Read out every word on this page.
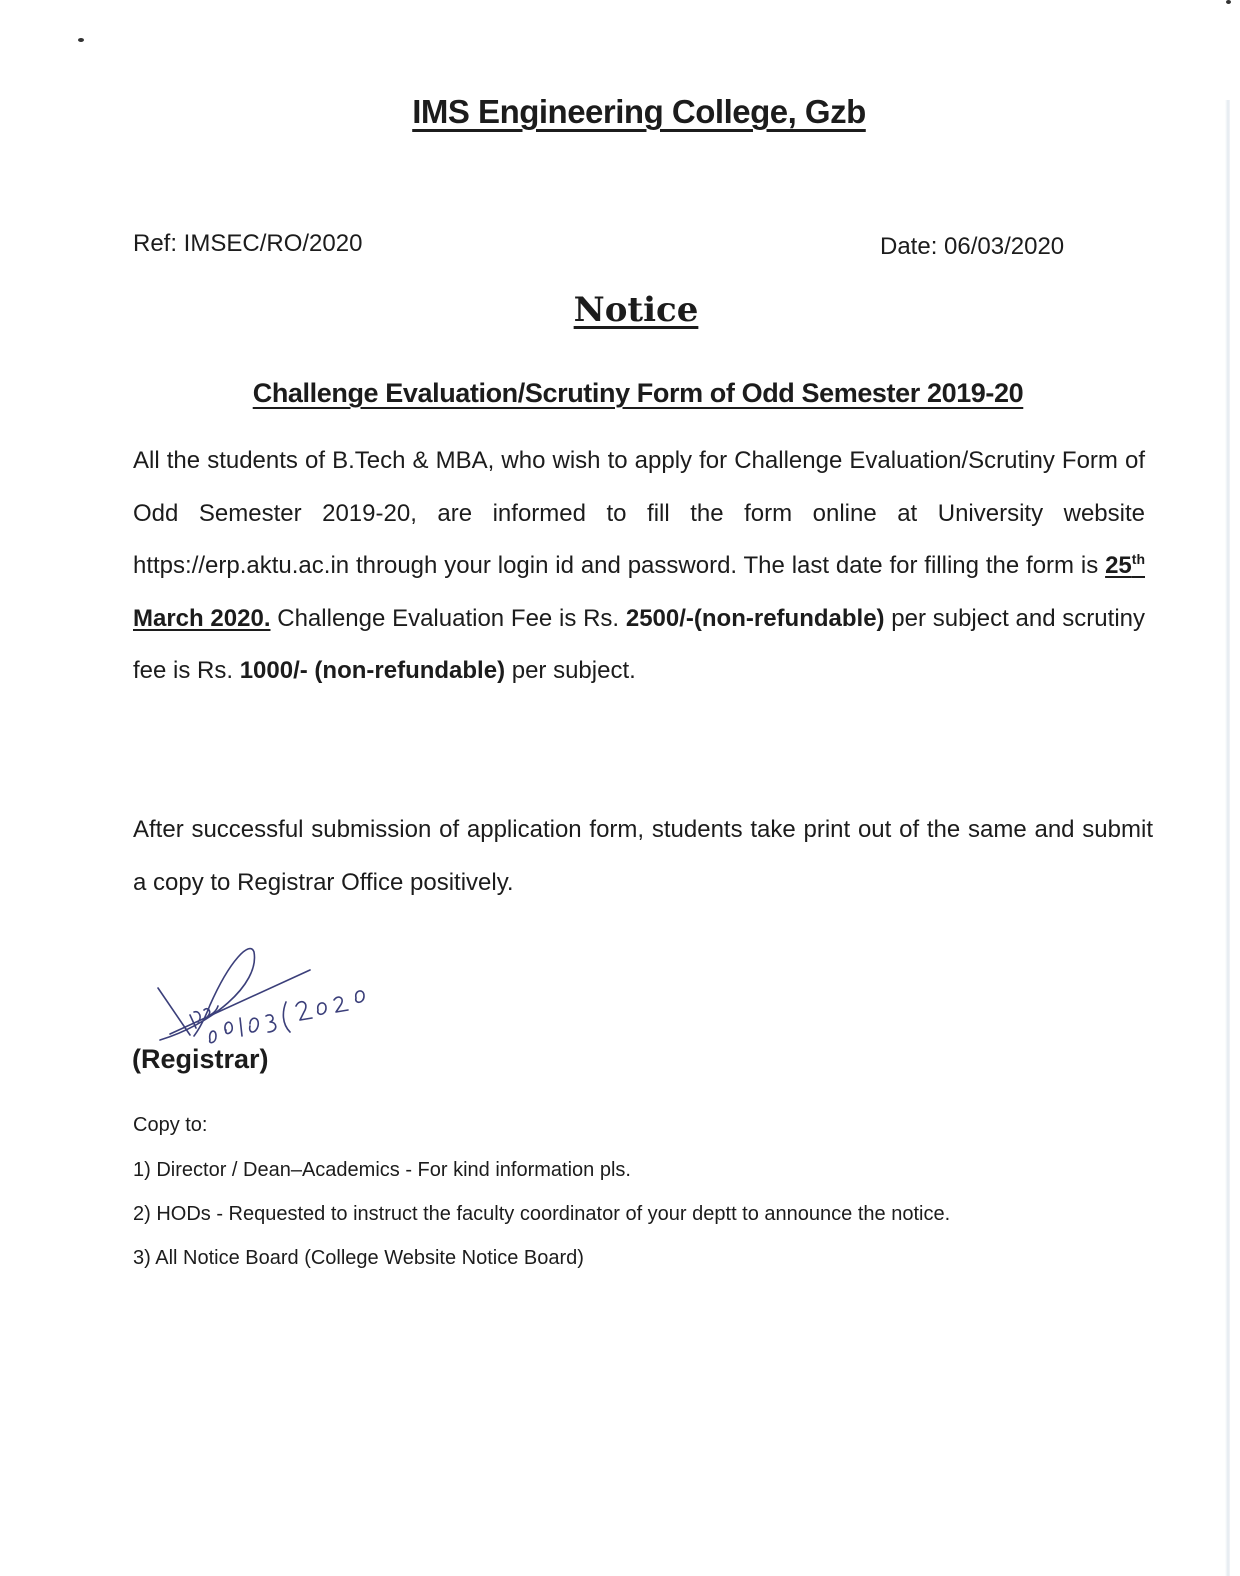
IMS Engineering College, Gzb
Ref: IMSEC/RO/2020	Date: 06/03/2020
Notice
Challenge Evaluation/Scrutiny Form of Odd Semester 2019-20
All the students of B.Tech & MBA, who wish to apply for Challenge Evaluation/Scrutiny Form of Odd Semester 2019-20, are informed to fill the form online at University website https://erp.aktu.ac.in through your login id and password. The last date for filling the form is 25th March 2020. Challenge Evaluation Fee is Rs. 2500/-(non-refundable) per subject and scrutiny fee is Rs. 1000/- (non-refundable) per subject.
After successful submission of application form, students take print out of the same and submit a copy to Registrar Office positively.
(Registrar)
Copy to:
1) Director / Dean–Academics - For kind information pls.
2) HODs - Requested to instruct the faculty coordinator of your deptt to announce the notice.
3) All Notice Board (College Website Notice Board)
